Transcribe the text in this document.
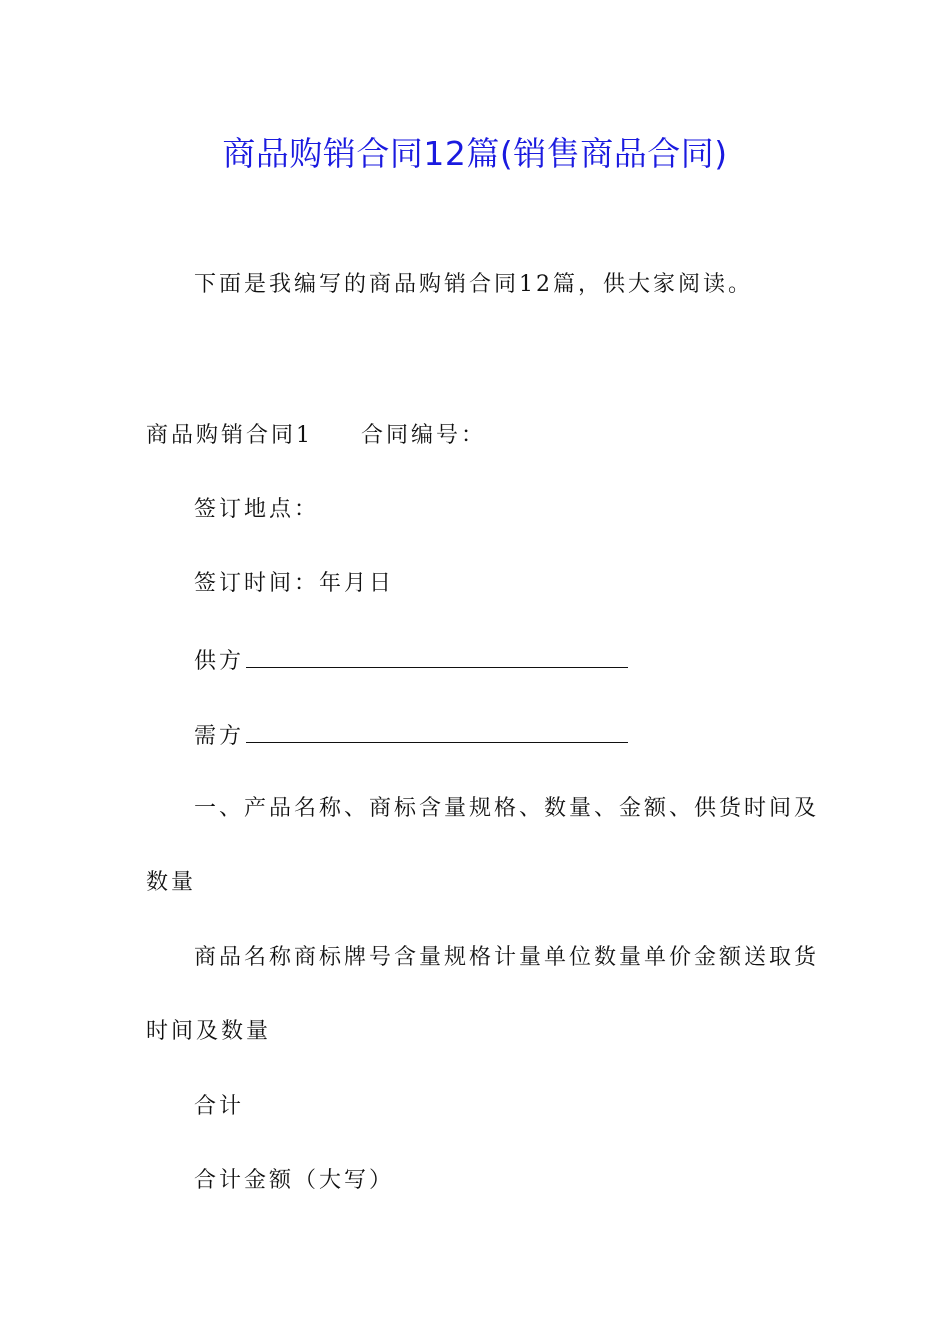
商品购销合同12篇(销售商品合同)
下面是我编写的商品购销合同12篇，供大家阅读。
商品购销合同1 合同编号：
签订地点：
签订时间：年月日
供方
需方
一、产品名称、商标含量规格、数量、金额、供货时间及
数量
商品名称商标牌号含量规格计量单位数量单价金额送取货
时间及数量
合计
合计金额（大写）
